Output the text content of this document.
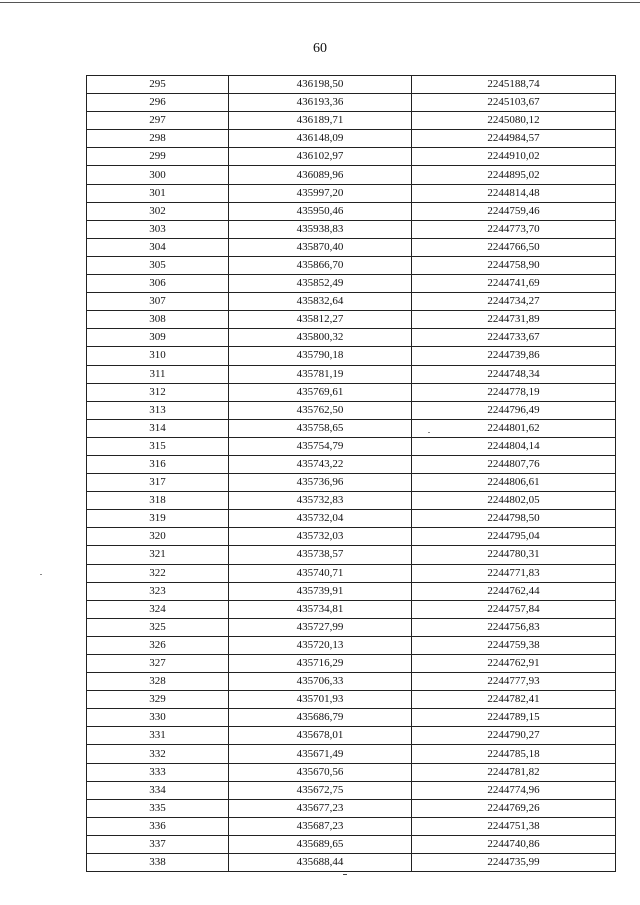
60
295	436198,50	2245188,74
296	436193,36	2245103,67
297	436189,71	2245080,12
298	436148,09	2244984,57
299	436102,97	2244910,02
300	436089,96	2244895,02
301	435997,20	2244814,48
302	435950,46	2244759,46
303	435938,83	2244773,70
304	435870,40	2244766,50
305	435866,70	2244758,90
306	435852,49	2244741,69
307	435832,64	2244734,27
308	435812,27	2244731,89
309	435800,32	2244733,67
310	435790,18	2244739,86
311	435781,19	2244748,34
312	435769,61	2244778,19
313	435762,50	2244796,49
314	435758,65	2244801,62
315	435754,79	2244804,14
316	435743,22	2244807,76
317	435736,96	2244806,61
318	435732,83	2244802,05
319	435732,04	2244798,50
320	435732,03	2244795,04
321	435738,57	2244780,31
322	435740,71	2244771,83
323	435739,91	2244762,44
324	435734,81	2244757,84
325	435727,99	2244756,83
326	435720,13	2244759,38
327	435716,29	2244762,91
328	435706,33	2244777,93
329	435701,93	2244782,41
330	435686,79	2244789,15
331	435678,01	2244790,27
332	435671,49	2244785,18
333	435670,56	2244781,82
334	435672,75	2244774,96
335	435677,23	2244769,26
336	435687,23	2244751,38
337	435689,65	2244740,86
338	435688,44	2244735,99
